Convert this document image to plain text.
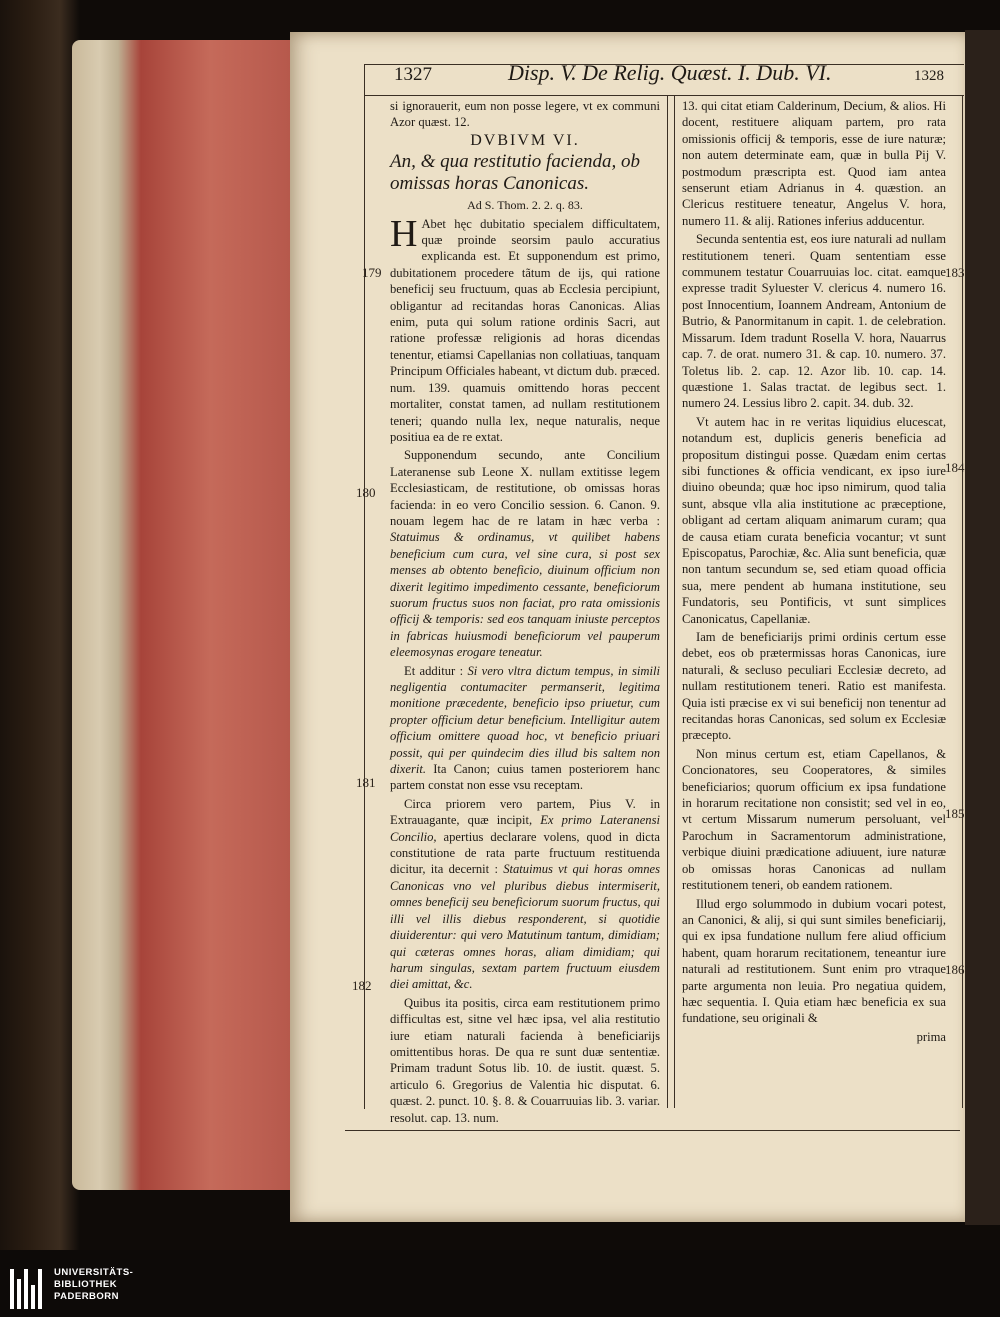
1327	Disp. V. De Relig. Quæst. I. Dub. VI.	1328
179
180
181
182
183
184
185
186

si ignorauerit, eum non posse legere, vt ex communi Azor quæst. 12.

DVBIVM VI.

An, & qua restitutio facienda, ob omissas horas Canonicas.

Ad S. Thom. 2. 2. q. 83.

H Abet hęc dubitatio specialem difficultatem, quæ proinde seorsim paulo accuratius explicanda est. Et supponendum est primo, dubitationem procedere tãtum de ijs, qui ratione beneficij seu fructuum, quas ab Ecclesia percipiunt, obligantur ad recitandas horas Canonicas. Alias enim, puta qui solum ratione ordinis Sacri, aut ratione professæ religionis ad horas dicendas tenentur, etiamsi Capellanias non collatiuas, tanquam Principum Officiales habeant, vt dictum dub. præced. num. 139. quamuis omittendo horas peccent mortaliter, constat tamen, ad nullam restitutionem teneri; quando nulla lex, neque naturalis, neque positiua ea de re extat.

Supponendum secundo, ante Concilium Lateranense sub Leone X. nullam extitisse legem Ecclesiasticam, de restitutione, ob omissas horas facienda: in eo vero Concilio session. 6. Canon. 9. nouam legem hac de re latam in hæc verba : Statuimus & ordinamus, vt quilibet habens beneficium cum cura, vel sine cura, si post sex menses ab obtento beneficio, diuinum officium non dixerit legitimo impedimento cessante, beneficiorum suorum fructus suos non faciat, pro rata omissionis officij & temporis: sed eos tanquam iniuste perceptos in fabricas huiusmodi beneficiorum vel pauperum eleemosynas erogare teneatur.

Et additur : Si vero vltra dictum tempus, in simili negligentia contumaciter permanserit, legitima monitione præcedente, beneficio ipso priuetur, cum propter officium detur beneficium. Intelligitur autem officium omittere quoad hoc, vt beneficio priuari possit, qui per quindecim dies illud bis saltem non dixerit. Ita Canon; cuius tamen posteriorem hanc partem constat non esse vsu receptam.

Circa priorem vero partem, Pius V. in Extrauagante, quæ incipit, Ex primo Lateranensi Concilio, apertius declarare volens, quod in dicta constitutione de rata parte fructuum restituenda dicitur, ita decernit : Statuimus vt qui horas omnes Canonicas vno vel pluribus diebus intermiserit, omnes beneficij seu beneficiorum suorum fructus, qui illi vel illis diebus responderent, si quotidie diuiderentur: qui vero Matutinum tantum, dimidiam; qui cæteras omnes horas, aliam dimidiam; qui harum singulas, sextam partem fructuum eiusdem diei amittat, &c.

Quibus ita positis, circa eam restitutionem primo difficultas est, sitne vel hæc ipsa, vel alia restitutio iure etiam naturali facienda à beneficiarijs omittentibus horas. De qua re sunt duæ sententiæ. Primam tradunt Sotus lib. 10. de iustit. quæst. 5. articulo 6. Gregorius de Valentia hic disputat. 6. quæst. 2. punct. 10. §. 8. & Couarruuias lib. 3. variar. resolut. cap. 13. num.

13. qui citat etiam Calderinum, Decium, & alios. Hi docent, restituere aliquam partem, pro rata omissionis officij & temporis, esse de iure naturæ; non autem determinate eam, quæ in bulla Pij V. postmodum præscripta est. Quod iam antea senserunt etiam Adrianus in 4. quæstion. an Clericus restituere teneatur, Angelus V. hora, numero 11. & alij. Rationes inferius adducentur.

Secunda sententia est, eos iure naturali ad nullam restitutionem teneri. Quam sententiam esse communem testatur Couarruuias loc. citat. eamque expresse tradit Syluester V. clericus 4. numero 16. post Innocentium, Ioannem Andream, Antonium de Butrio, & Panormitanum in capit. 1. de celebration. Missarum. Idem tradunt Rosella V. hora, Nauarrus cap. 7. de orat. numero 31. & cap. 10. numero. 37. Toletus lib. 2. cap. 12. Azor lib. 10. cap. 14. quæstione 1. Salas tractat. de legibus sect. 1. numero 24. Lessius libro 2. capit. 34. dub. 32.

Vt autem hac in re veritas liquidius elucescat, notandum est, duplicis generis beneficia ad propositum distingui posse. Quædam enim certas sibi functiones & officia vendicant, ex ipso iure diuino obeunda; quæ hoc ipso nimirum, quod talia sunt, absque vlla alia institutione ac præceptione, obligant ad certam aliquam animarum curam; qua de causa etiam curata beneficia vocantur; vt sunt Episcopatus, Parochiæ, &c. Alia sunt beneficia, quæ non tantum secundum se, sed etiam quoad officia sua, mere pendent ab humana institutione, seu Fundatoris, seu Pontificis, vt sunt simplices Canonicatus, Capellaniæ.

Iam de beneficiarijs primi ordinis certum esse debet, eos ob prætermissas horas Canonicas, iure naturali, & secluso peculiari Ecclesiæ decreto, ad nullam restitutionem teneri. Ratio est manifesta. Quia isti præcise ex vi sui beneficij non tenentur ad recitandas horas Canonicas, sed solum ex Ecclesiæ præcepto.

Non minus certum est, etiam Capellanos, & Concionatores, seu Cooperatores, & similes beneficiarios; quorum officium ex ipsa fundatione in horarum recitatione non consistit; sed vel in eo, vt certum Missarum numerum persoluant, vel Parochum in Sacramentorum administratione, verbique diuini prædicatione adiuuent, iure naturæ ob omissas horas Canonicas ad nullam restitutionem teneri, ob eandem rationem.

Illud ergo solummodo in dubium vocari potest, an Canonici, & alij, si qui sunt similes beneficiarij, qui ex ipsa fundatione nullum fere aliud officium habent, quam horarum recitationem, teneantur iure naturali ad restitutionem. Sunt enim pro vtraque parte argumenta non leuia. Pro negatiua quidem, hæc sequentia. I. Quia etiam hæc beneficia ex sua fundatione, seu originali &

prima

UNIVERSITÄTS-
BIBLIOTHEK
PADERBORN
